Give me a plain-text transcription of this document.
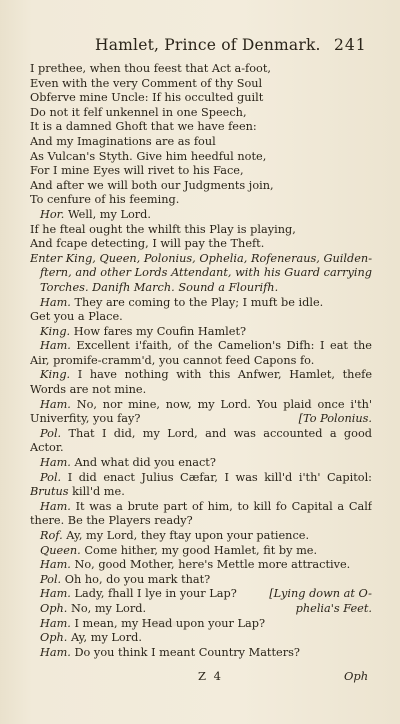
Hamlet, Prince of Denmark. 241
I prethee, when thou feest that Act a-foot,
Even with the very Comment of thy Soul
Obferve mine Uncle: If his occulted guilt
Do not it felf unkennel in one Speech,
It is a damned Ghoft that we have feen:
And my Imaginations are as foul
As Vulcan's Styth. Give him heedful note,
For I mine Eyes will rivet to his Face,
And after we will both our Judgments join,
To cenfure of his feeming.
Hor. Well, my Lord.
If he fteal ought the whilft this Play is playing,
And fcape detecting, I will pay the Theft.
Enter King, Queen, Polonius, Ophelia, Rofeneraus, Guilden-
ftern, and other Lords Attendant, with his Guard carrying
Torches. Danifh March. Sound a Flourifh.
Ham. They are coming to the Play; I muft be idle.
Get you a Place.
King. How fares my Coufin Hamlet?
Ham. Excellent i'faith, of the Camelion's Difh: I eat the
Air, promife-cramm'd, you cannot feed Capons fo.
King. I have nothing with this Anfwer, Hamlet, thefe
Words are not mine.
Ham. No, nor mine, now, my Lord. You plaid once i'th'
[To Polonius.
Univerfity, you fay?
Pol. That I did, my Lord, and was accounted a good
Actor.
Ham. And what did you enact?
Pol. I did enact Julius Cæfar, I was kill'd i'th' Capitol:
Brutus kill'd me.
Ham. It was a brute part of him, to kill fo Capital a Calf
there. Be the Players ready?
Rof. Ay, my Lord, they ftay upon your patience.
Queen. Come hither, my good Hamlet, fit by me.
Ham. No, good Mother, here's Mettle more attractive.
Pol. Oh ho, do you mark that?
[Lying down at O-
Ham. Lady, fhall I lye in your Lap?
phelia's Feet.
Oph. No, my Lord.
Ham. I mean, my Head upon your Lap?
Oph. Ay, my Lord.
Ham. Do you think I meant Country Matters?
Z 4	Oph
